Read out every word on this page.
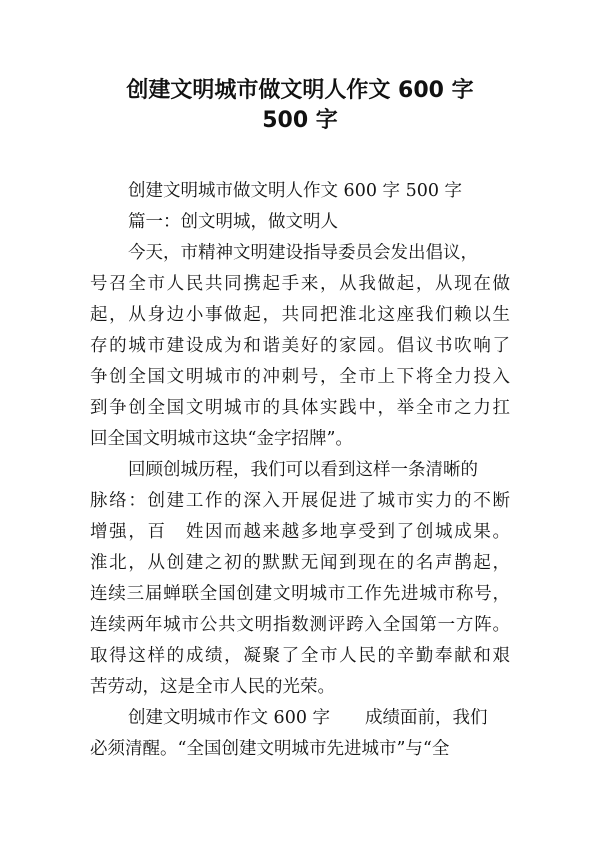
创建文明城市做文明人作文 600 字
500 字
创建文明城市做文明人作文 600 字 500 字
篇一：创文明城，做文明人
今天，市精神文明建设指导委员会发出倡议，
号召全市人民共同携起手来，从我做起，从现在做
起，从身边小事做起，共同把淮北这座我们赖以生
存的城市建设成为和谐美好的家园。倡议书吹响了
争创全国文明城市的冲刺号，全市上下将全力投入
到争创全国文明城市的具体实践中，举全市之力扛
回全国文明城市这块“金字招牌”。
回顾创城历程，我们可以看到这样一条清晰的
脉络：创建工作的深入开展促进了城市实力的不断
增强，百　姓因而越来越多地享受到了创城成果。
淮北，从创建之初的默默无闻到现在的名声鹊起，
连续三届蝉联全国创建文明城市工作先进城市称号，
连续两年城市公共文明指数测评跨入全国第一方阵。
取得这样的成绩，凝聚了全市人民的辛勤奉献和艰
苦劳动，这是全市人民的光荣。
创建文明城市作文 600 字　　成绩面前，我们
必须清醒。“全国创建文明城市先进城市”与“全
